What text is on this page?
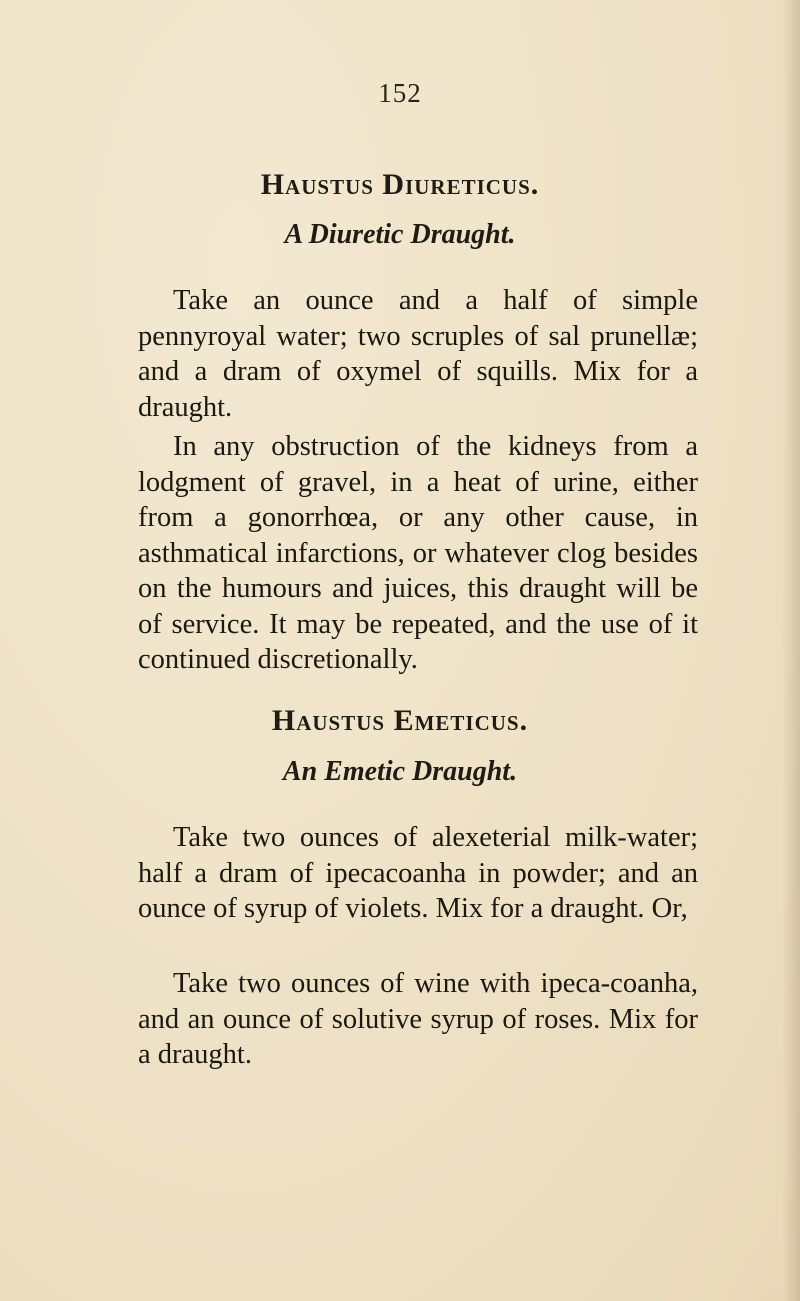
152
Haustus Diureticus.
A Diuretic Draught.

Take an ounce and a half of simple pennyroyal water; two scruples of sal prunellæ; and a dram of oxymel of squills. Mix for a draught.

In any obstruction of the kidneys from a lodgment of gravel, in a heat of urine, either from a gonorrhœa, or any other cause, in asthmatical infarctions, or whatever clog besides on the humours and juices, this draught will be of service. It may be repeated, and the use of it continued discretionally.

Haustus Emeticus.
An Emetic Draught.

Take two ounces of alexeterial milk-water; half a dram of ipecacoanha in powder; and an ounce of syrup of violets. Mix for a draught. Or,

Take two ounces of wine with ipeca-coanha, and an ounce of solutive syrup of roses. Mix for a draught.
